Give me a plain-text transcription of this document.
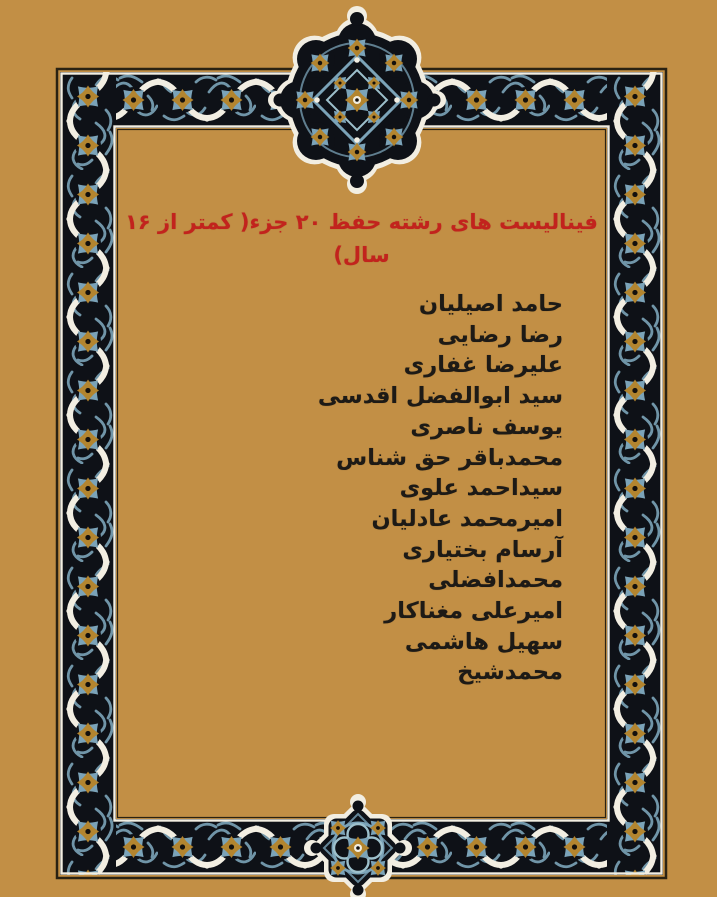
فینالیست های رشته حفظ ۲۰ جزء( کمتر از ۱۶ سال)
حامد اصیلیان
رضا رضایی
علیرضا غفاری
سید ابوالفضل اقدسی
یوسف ناصری
محمدباقر حق شناس
سیداحمد علوی
امیرمحمد عادلیان
آرسام بختیاری
محمدافضلی
امیرعلی مغناکار
سهیل هاشمی
محمدشیخ
